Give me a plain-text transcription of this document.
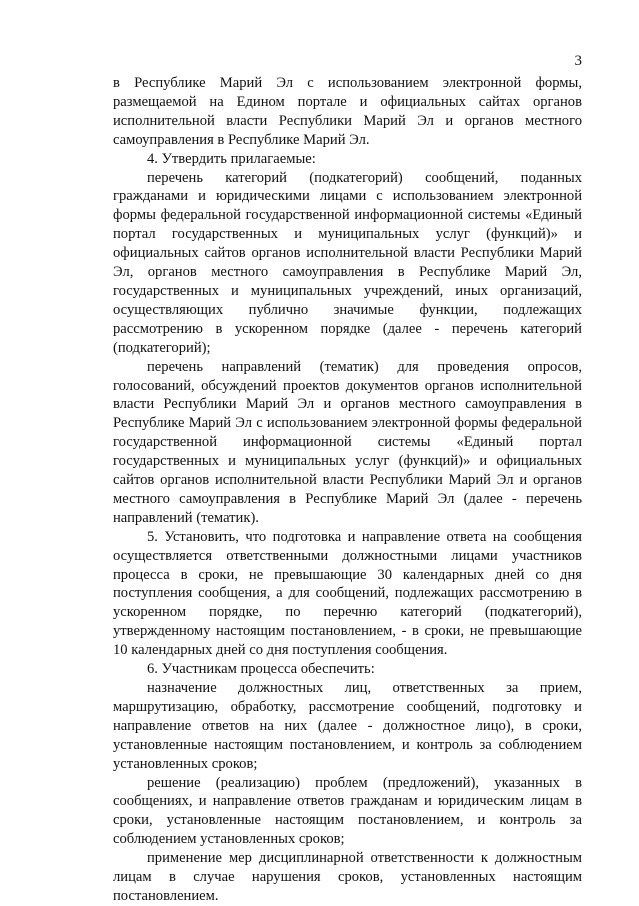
3

в Республике Марий Эл с использованием электронной формы, размещаемой на Едином портале и официальных сайтах органов исполнительной власти Республики Марий Эл и органов местного самоуправления в Республике Марий Эл.

4. Утвердить прилагаемые:

перечень категорий (подкатегорий) сообщений, поданных гражданами и юридическими лицами с использованием электронной формы федеральной государственной информационной системы «Единый портал государственных и муниципальных услуг (функций)» и официальных сайтов органов исполнительной власти Республики Марий Эл, органов местного самоуправления в Республике Марий Эл, государственных и муниципальных учреждений, иных организаций, осуществляющих публично значимые функции, подлежащих рассмотрению в ускоренном порядке (далее - перечень категорий (подкатегорий);

перечень направлений (тематик) для проведения опросов, голосований, обсуждений проектов документов органов исполнительной власти Республики Марий Эл и органов местного самоуправления в Республике Марий Эл с использованием электронной формы федеральной государственной информационной системы «Единый портал государственных и муниципальных услуг (функций)» и официальных сайтов органов исполнительной власти Республики Марий Эл и органов местного самоуправления в Республике Марий Эл (далее - перечень направлений (тематик).

5. Установить, что подготовка и направление ответа на сообщения осуществляется ответственными должностными лицами участников процесса в сроки, не превышающие 30 календарных дней со дня поступления сообщения, а для сообщений, подлежащих рассмотрению в ускоренном порядке, по перечню категорий (подкатегорий), утвержденному настоящим постановлением, - в сроки, не превышающие 10 календарных дней со дня поступления сообщения.

6. Участникам процесса обеспечить:

назначение должностных лиц, ответственных за прием, маршрутизацию, обработку, рассмотрение сообщений, подготовку и направление ответов на них (далее - должностное лицо), в сроки, установленные настоящим постановлением, и контроль за соблюдением установленных сроков;

решение (реализацию) проблем (предложений), указанных в сообщениях, и направление ответов гражданам и юридическим лицам в сроки, установленные настоящим постановлением, и контроль за соблюдением установленных сроков;

применение мер дисциплинарной ответственности к должностным лицам в случае нарушения сроков, установленных настоящим постановлением.
